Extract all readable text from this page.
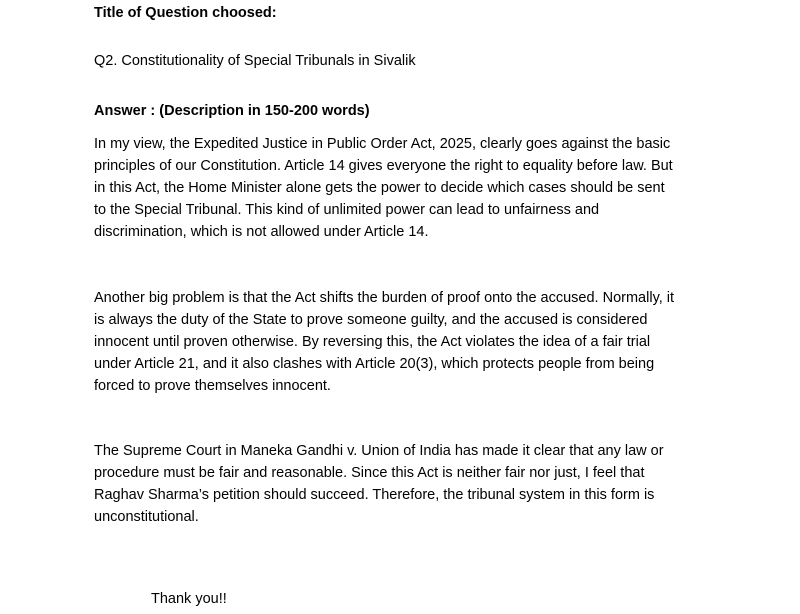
Title of Question choosed:

Q2. Constitutionality of Special Tribunals in Sivalik

Answer : (Description in 150-200 words)

In my view, the Expedited Justice in Public Order Act, 2025, clearly goes against the basic
principles of our Constitution. Article 14 gives everyone the right to equality before law. But
in this Act, the Home Minister alone gets the power to decide which cases should be sent
to the Special Tribunal. This kind of unlimited power can lead to unfairness and
discrimination, which is not allowed under Article 14.

Another big problem is that the Act shifts the burden of proof onto the accused. Normally, it
is always the duty of the State to prove someone guilty, and the accused is considered
innocent until proven otherwise. By reversing this, the Act violates the idea of a fair trial
under Article 21, and it also clashes with Article 20(3), which protects people from being
forced to prove themselves innocent.

The Supreme Court in Maneka Gandhi v. Union of India has made it clear that any law or
procedure must be fair and reasonable. Since this Act is neither fair nor just, I feel that
Raghav Sharma’s petition should succeed. Therefore, the tribunal system in this form is
unconstitutional.

Thank you!!
